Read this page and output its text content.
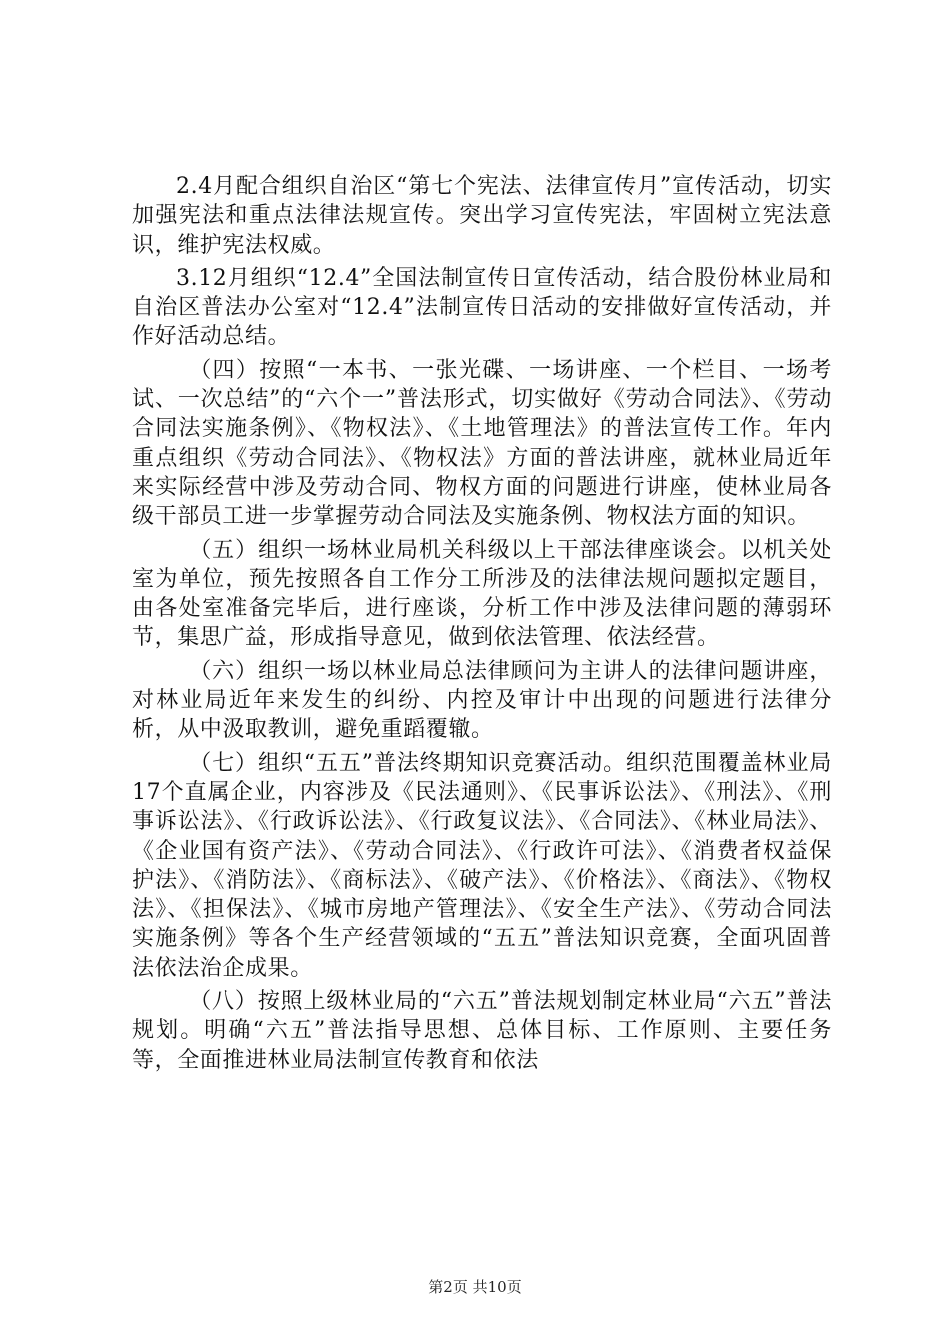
2.4月配合组织自治区“第七个宪法、法律宣传月”宣传活动，切实加强宪法和重点法律法规宣传。突出学习宣传宪法，牢固树立宪法意识，维护宪法权威。

3.12月组织“12.4”全国法制宣传日宣传活动，结合股份林业局和自治区普法办公室对“12.4”法制宣传日活动的安排做好宣传活动，并作好活动总结。

（四）按照“一本书、一张光碟、一场讲座、一个栏目、一场考试、一次总结”的“六个一”普法形式，切实做好《劳动合同法》、《劳动合同法实施条例》、《物权法》、《土地管理法》的普法宣传工作。年内重点组织《劳动合同法》、《物权法》方面的普法讲座，就林业局近年来实际经营中涉及劳动合同、物权方面的问题进行讲座，使林业局各级干部员工进一步掌握劳动合同法及实施条例、物权法方面的知识。

（五）组织一场林业局机关科级以上干部法律座谈会。以机关处室为单位，预先按照各自工作分工所涉及的法律法规问题拟定题目，由各处室准备完毕后，进行座谈，分析工作中涉及法律问题的薄弱环节，集思广益，形成指导意见，做到依法管理、依法经营。

（六）组织一场以林业局总法律顾问为主讲人的法律问题讲座，对林业局近年来发生的纠纷、内控及审计中出现的问题进行法律分析，从中汲取教训，避免重蹈覆辙。

（七）组织“五五”普法终期知识竞赛活动。组织范围覆盖林业局17个直属企业，内容涉及《民法通则》、《民事诉讼法》、《刑法》、《刑事诉讼法》、《行政诉讼法》、《行政复议法》、《合同法》、《林业局法》、《企业国有资产法》、《劳动合同法》、《行政许可法》、《消费者权益保护法》、《消防法》、《商标法》、《破产法》、《价格法》、《商法》、《物权法》、《担保法》、《城市房地产管理法》、《安全生产法》、《劳动合同法实施条例》等各个生产经营领域的“五五”普法知识竞赛，全面巩固普法依法治企成果。

（八）按照上级林业局的“六五”普法规划制定林业局“六五”普法规划。明确“六五”普法指导思想、总体目标、工作原则、主要任务等，全面推进林业局法制宣传教育和依法

第2页 共10页
